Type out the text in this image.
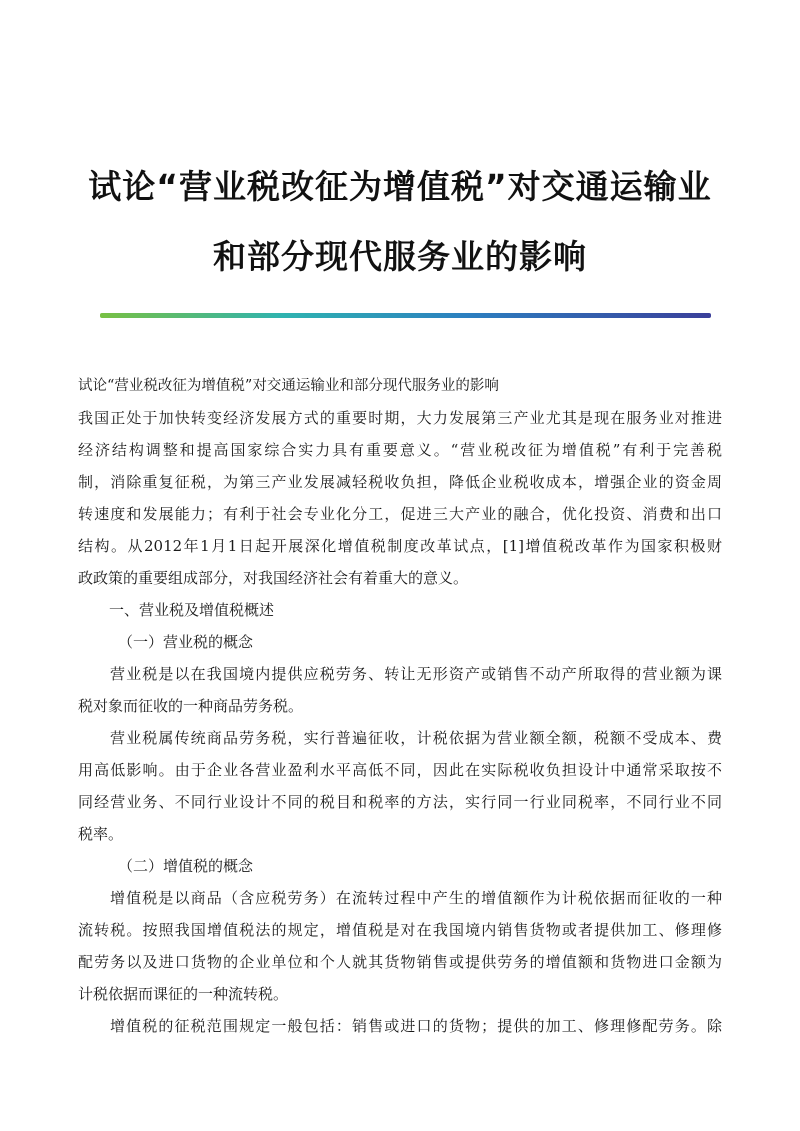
试论“营业税改征为增值税”对交通运输业
和部分现代服务业的影响
试论“营业税改征为增值税”对交通运输业和部分现代服务业的影响
我国正处于加快转变经济发展方式的重要时期，大力发展第三产业尤其是现在服务业对推进
经济结构调整和提高国家综合实力具有重要意义。“营业税改征为增值税”有利于完善税
制，消除重复征税，为第三产业发展减轻税收负担，降低企业税收成本，增强企业的资金周
转速度和发展能力；有利于社会专业化分工，促进三大产业的融合，优化投资、消费和出口
结构。从2012年1月1日起开展深化增值税制度改革试点，[1]增值税改革作为国家积极财
政政策的重要组成部分，对我国经济社会有着重大的意义。
一、营业税及增值税概述
（一）营业税的概念
营业税是以在我国境内提供应税劳务、转让无形资产或销售不动产所取得的营业额为课
税对象而征收的一种商品劳务税。
营业税属传统商品劳务税，实行普遍征收，计税依据为营业额全额，税额不受成本、费
用高低影响。由于企业各营业盈利水平高低不同，因此在实际税收负担设计中通常采取按不
同经营业务、不同行业设计不同的税目和税率的方法，实行同一行业同税率，不同行业不同
税率。
（二）增值税的概念
增值税是以商品（含应税劳务）在流转过程中产生的增值额作为计税依据而征收的一种
流转税。按照我国增值税法的规定，增值税是对在我国境内销售货物或者提供加工、修理修
配劳务以及进口货物的企业单位和个人就其货物销售或提供劳务的增值额和货物进口金额为
计税依据而课征的一种流转税。
增值税的征税范围规定一般包括：销售或进口的货物；提供的加工、修理修配劳务。除
